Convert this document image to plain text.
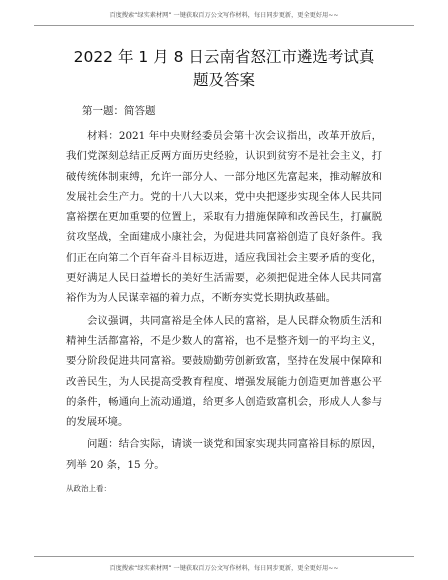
百度搜索“绿实素材网” 一键获取百万公文写作材料，每日同步更新，更全更好用~~
2022 年 1 月 8 日云南省怒江市遴选考试真题及答案
第一题：简答题

材料：2021 年中央财经委员会第十次会议指出，改革开放后，我们党深刻总结正反两方面历史经验，认识到贫穷不是社会主义，打破传统体制束缚，允许一部分人、一部分地区先富起来，推动解放和发展社会生产力。党的十八大以来，党中央把逐步实现全体人民共同富裕摆在更加重要的位置上，采取有力措施保障和改善民生，打赢脱贫攻坚战，全面建成小康社会，为促进共同富裕创造了良好条件。我们正在向第二个百年奋斗目标迈进，适应我国社会主要矛盾的变化，更好满足人民日益增长的美好生活需要，必须把促进全体人民共同富裕作为为人民谋幸福的着力点，不断夯实党长期执政基础。

会议强调，共同富裕是全体人民的富裕，是人民群众物质生活和精神生活都富裕，不是少数人的富裕，也不是整齐划一的平均主义，要分阶段促进共同富裕。要鼓励勤劳创新致富，坚持在发展中保障和改善民生，为人民提高受教育程度、增强发展能力创造更加普惠公平的条件，畅通向上流动通道，给更多人创造致富机会，形成人人参与的发展环境。

问题：结合实际，请谈一谈党和国家实现共同富裕目标的原因，列举 20 条，15 分。

从政治上看：
百度搜索“绿实素材网” 一键获取百万公文写作材料，每日同步更新，更全更好用~~
